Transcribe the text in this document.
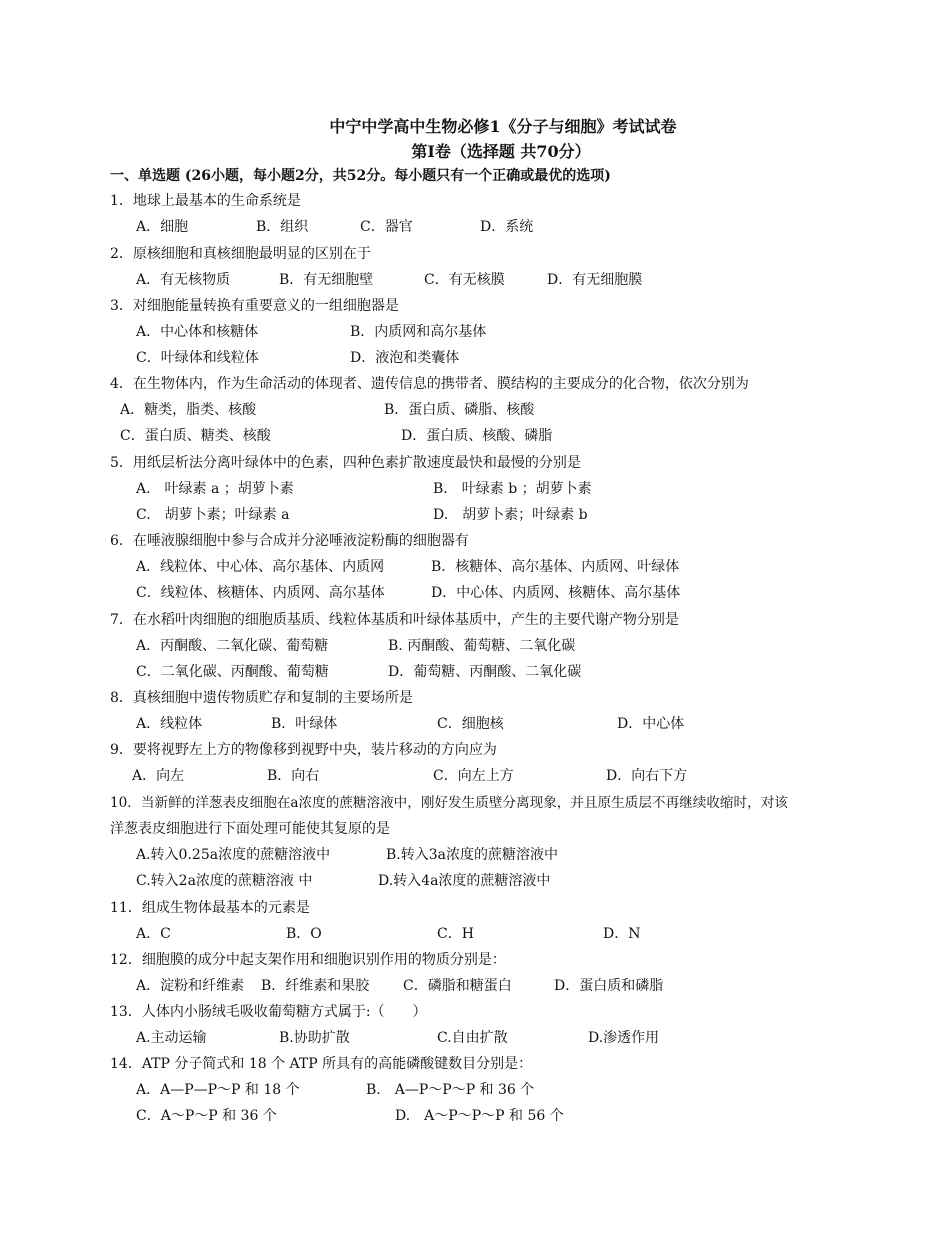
中宁中学高中生物必修1《分子与细胞》考试试卷
第Ⅰ卷（选择题 共70分）
一、单选题 (26小题，每小题2分，共52分。每小题只有一个正确或最优的选项)
1．地球上最基本的生命系统是
A．细胞	B．组织	C．器官	D．系统
2．原核细胞和真核细胞最明显的区别在于
A．有无核物质	B．有无细胞壁	C．有无核膜	D．有无细胞膜
3．对细胞能量转换有重要意义的一组细胞器是
A．中心体和核糖体	B．内质网和高尔基体
C．叶绿体和线粒体	D．液泡和类囊体
4．在生物体内，作为生命活动的体现者、遗传信息的携带者、膜结构的主要成分的化合物，依次分别为
A．糖类，脂类、核酸	B．蛋白质、磷脂、核酸
C．蛋白质、糖类、核酸	D．蛋白质、核酸、磷脂
5．用纸层析法分离叶绿体中的色素，四种色素扩散速度最快和最慢的分别是
A.　叶绿素 a ；胡萝卜素	B.　叶绿素 b ；胡萝卜素
C.　胡萝卜素；叶绿素 a	D.　胡萝卜素；叶绿素 b
6．在唾液腺细胞中参与合成并分泌唾液淀粉酶的细胞器有
A．线粒体、中心体、高尔基体、内质网	B．核糖体、高尔基体、内质网、叶绿体
C．线粒体、核糖体、内质网、高尔基体	D．中心体、内质网、核糖体、高尔基体
7．在水稻叶肉细胞的细胞质基质、线粒体基质和叶绿体基质中，产生的主要代谢产物分别是
A．丙酮酸、二氧化碳、葡萄糖	B. 丙酮酸、葡萄糖、二氧化碳
C．二氧化碳、丙酮酸、葡萄糖	D．葡萄糖、丙酮酸、二氧化碳
8．真核细胞中遗传物质贮存和复制的主要场所是
A．线粒体	B．叶绿体	C．细胞核	D．中心体
9．要将视野左上方的物像移到视野中央，装片移动的方向应为
A．向左	B．向右	C．向左上方	D．向右下方
10．当新鲜的洋葱表皮细胞在a浓度的蔗糖溶液中，刚好发生质壁分离现象，并且原生质层不再继续收缩时，对该
洋葱表皮细胞进行下面处理可能使其复原的是
A.转入0.25a浓度的蔗糖溶液中	B.转入3a浓度的蔗糖溶液中
C.转入2a浓度的蔗糖溶液 中	D.转入4a浓度的蔗糖溶液中
11．组成生物体最基本的元素是
A．C	B．O	C．H	D．N
12．细胞膜的成分中起支架作用和细胞识别作用的物质分别是：
A．淀粉和纤维素 B．纤维素和果胶 C．磷脂和糖蛋白	D．蛋白质和磷脂
13．人体内小肠绒毛吸收葡萄糖方式属于:（　　）
A.主动运输	B.协助扩散	C.自由扩散	D.渗透作用
14．ATP 分子简式和 18 个 ATP 所具有的高能磷酸键数目分别是：
A．A—P—P～P 和 18 个	B.　A—P～P～P 和 36 个
C．A～P～P 和 36 个	D.　A～P～P～P 和 56 个
